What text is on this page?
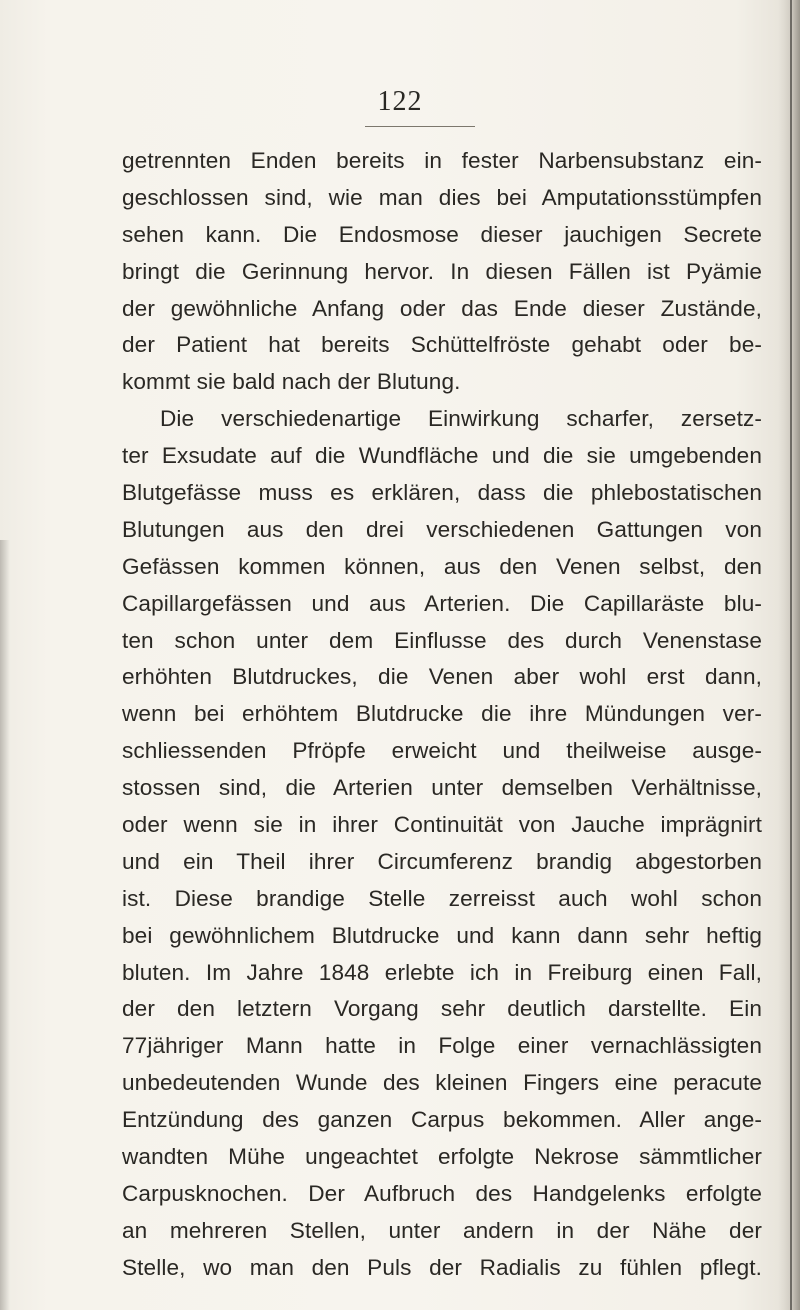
122
getrennten Enden bereits in fester Narbensubstanz ein-
geschlossen sind, wie man dies bei Amputationsstümpfen
sehen kann. Die Endosmose dieser jauchigen Secrete
bringt die Gerinnung hervor. In diesen Fällen ist Pyämie
der gewöhnliche Anfang oder das Ende dieser Zustände,
der Patient hat bereits Schüttelfröste gehabt oder be-
kommt sie bald nach der Blutung.
Die verschiedenartige Einwirkung scharfer, zersetz-
ter Exsudate auf die Wundfläche und die sie umgebenden
Blutgefässe muss es erklären, dass die phlebostatischen
Blutungen aus den drei verschiedenen Gattungen von
Gefässen kommen können, aus den Venen selbst, den
Capillargefässen und aus Arterien. Die Capillaräste blu-
ten schon unter dem Einflusse des durch Venenstase
erhöhten Blutdruckes, die Venen aber wohl erst dann,
wenn bei erhöhtem Blutdrucke die ihre Mündungen ver-
schliessenden Pfröpfe erweicht und theilweise ausge-
stossen sind, die Arterien unter demselben Verhältnisse,
oder wenn sie in ihrer Continuität von Jauche imprägnirt
und ein Theil ihrer Circumferenz brandig abgestorben
ist. Diese brandige Stelle zerreisst auch wohl schon
bei gewöhnlichem Blutdrucke und kann dann sehr heftig
bluten. Im Jahre 1848 erlebte ich in Freiburg einen Fall,
der den letztern Vorgang sehr deutlich darstellte. Ein
77jähriger Mann hatte in Folge einer vernachlässigten
unbedeutenden Wunde des kleinen Fingers eine peracute
Entzündung des ganzen Carpus bekommen. Aller ange-
wandten Mühe ungeachtet erfolgte Nekrose sämmtlicher
Carpusknochen. Der Aufbruch des Handgelenks erfolgte
an mehreren Stellen, unter andern in der Nähe der
Stelle, wo man den Puls der Radialis zu fühlen pflegt.
